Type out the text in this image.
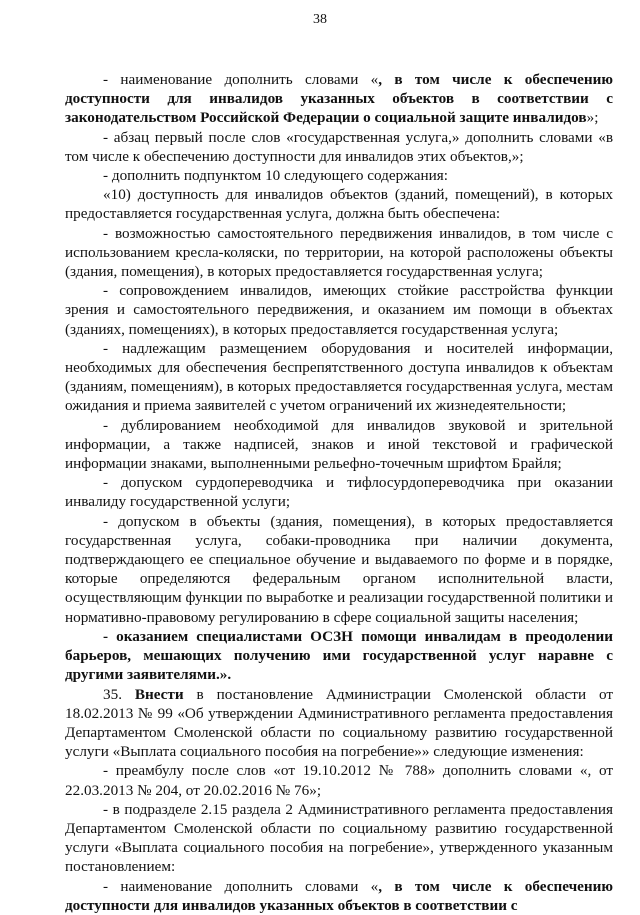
38

- наименование дополнить словами «, в том числе к обеспечению доступности для инвалидов указанных объектов в соответствии с законодательством Российской Федерации о социальной защите инвалидов»;

- абзац первый после слов «государственная услуга,» дополнить словами «в том числе к обеспечению доступности для инвалидов этих объектов,»;

- дополнить подпунктом 10 следующего содержания:

«10) доступность для инвалидов объектов (зданий, помещений), в которых предоставляется государственная услуга, должна быть обеспечена:

- возможностью самостоятельного передвижения инвалидов, в том числе с использованием кресла-коляски, по территории, на которой расположены объекты (здания, помещения), в которых предоставляется государственная услуга;

- сопровождением инвалидов, имеющих стойкие расстройства функции зрения и самостоятельного передвижения, и оказанием им помощи в объектах (зданиях, помещениях), в которых предоставляется государственная услуга;

- надлежащим размещением оборудования и носителей информации, необходимых для обеспечения беспрепятственного доступа инвалидов к объектам (зданиям, помещениям), в которых предоставляется государственная услуга, местам ожидания и приема заявителей с учетом ограничений их жизнедеятельности;

- дублированием необходимой для инвалидов звуковой и зрительной информации, а также надписей, знаков и иной текстовой и графической информации знаками, выполненными рельефно-точечным шрифтом Брайля;

- допуском сурдопереводчика и тифлосурдопереводчика при оказании инвалиду государственной услуги;

- допуском в объекты (здания, помещения), в которых предоставляется государственная услуга, собаки-проводника при наличии документа, подтверждающего ее специальное обучение и выдаваемого по форме и в порядке, которые определяются федеральным органом исполнительной власти, осуществляющим функции по выработке и реализации государственной политики и нормативно-правовому регулированию в сфере социальной защиты населения;

- оказанием специалистами ОСЗН помощи инвалидам в преодолении барьеров, мешающих получению ими государственной услуг наравне с другими заявителями.».

35. Внести в постановление Администрации Смоленской области от 18.02.2013 № 99 «Об утверждении Административного регламента предоставления Департаментом Смоленской области по социальному развитию государственной услуги «Выплата социального пособия на погребение»» следующие изменения:

- преамбулу после слов «от 19.10.2012 № 788» дополнить словами «, от 22.03.2013 № 204, от 20.02.2016 № 76»;

- в подразделе 2.15 раздела 2 Административного регламента предоставления Департаментом Смоленской области по социальному развитию государственной услуги «Выплата социального пособия на погребение», утвержденного указанным постановлением:

- наименование дополнить словами «, в том числе к обеспечению доступности для инвалидов указанных объектов в соответствии с
